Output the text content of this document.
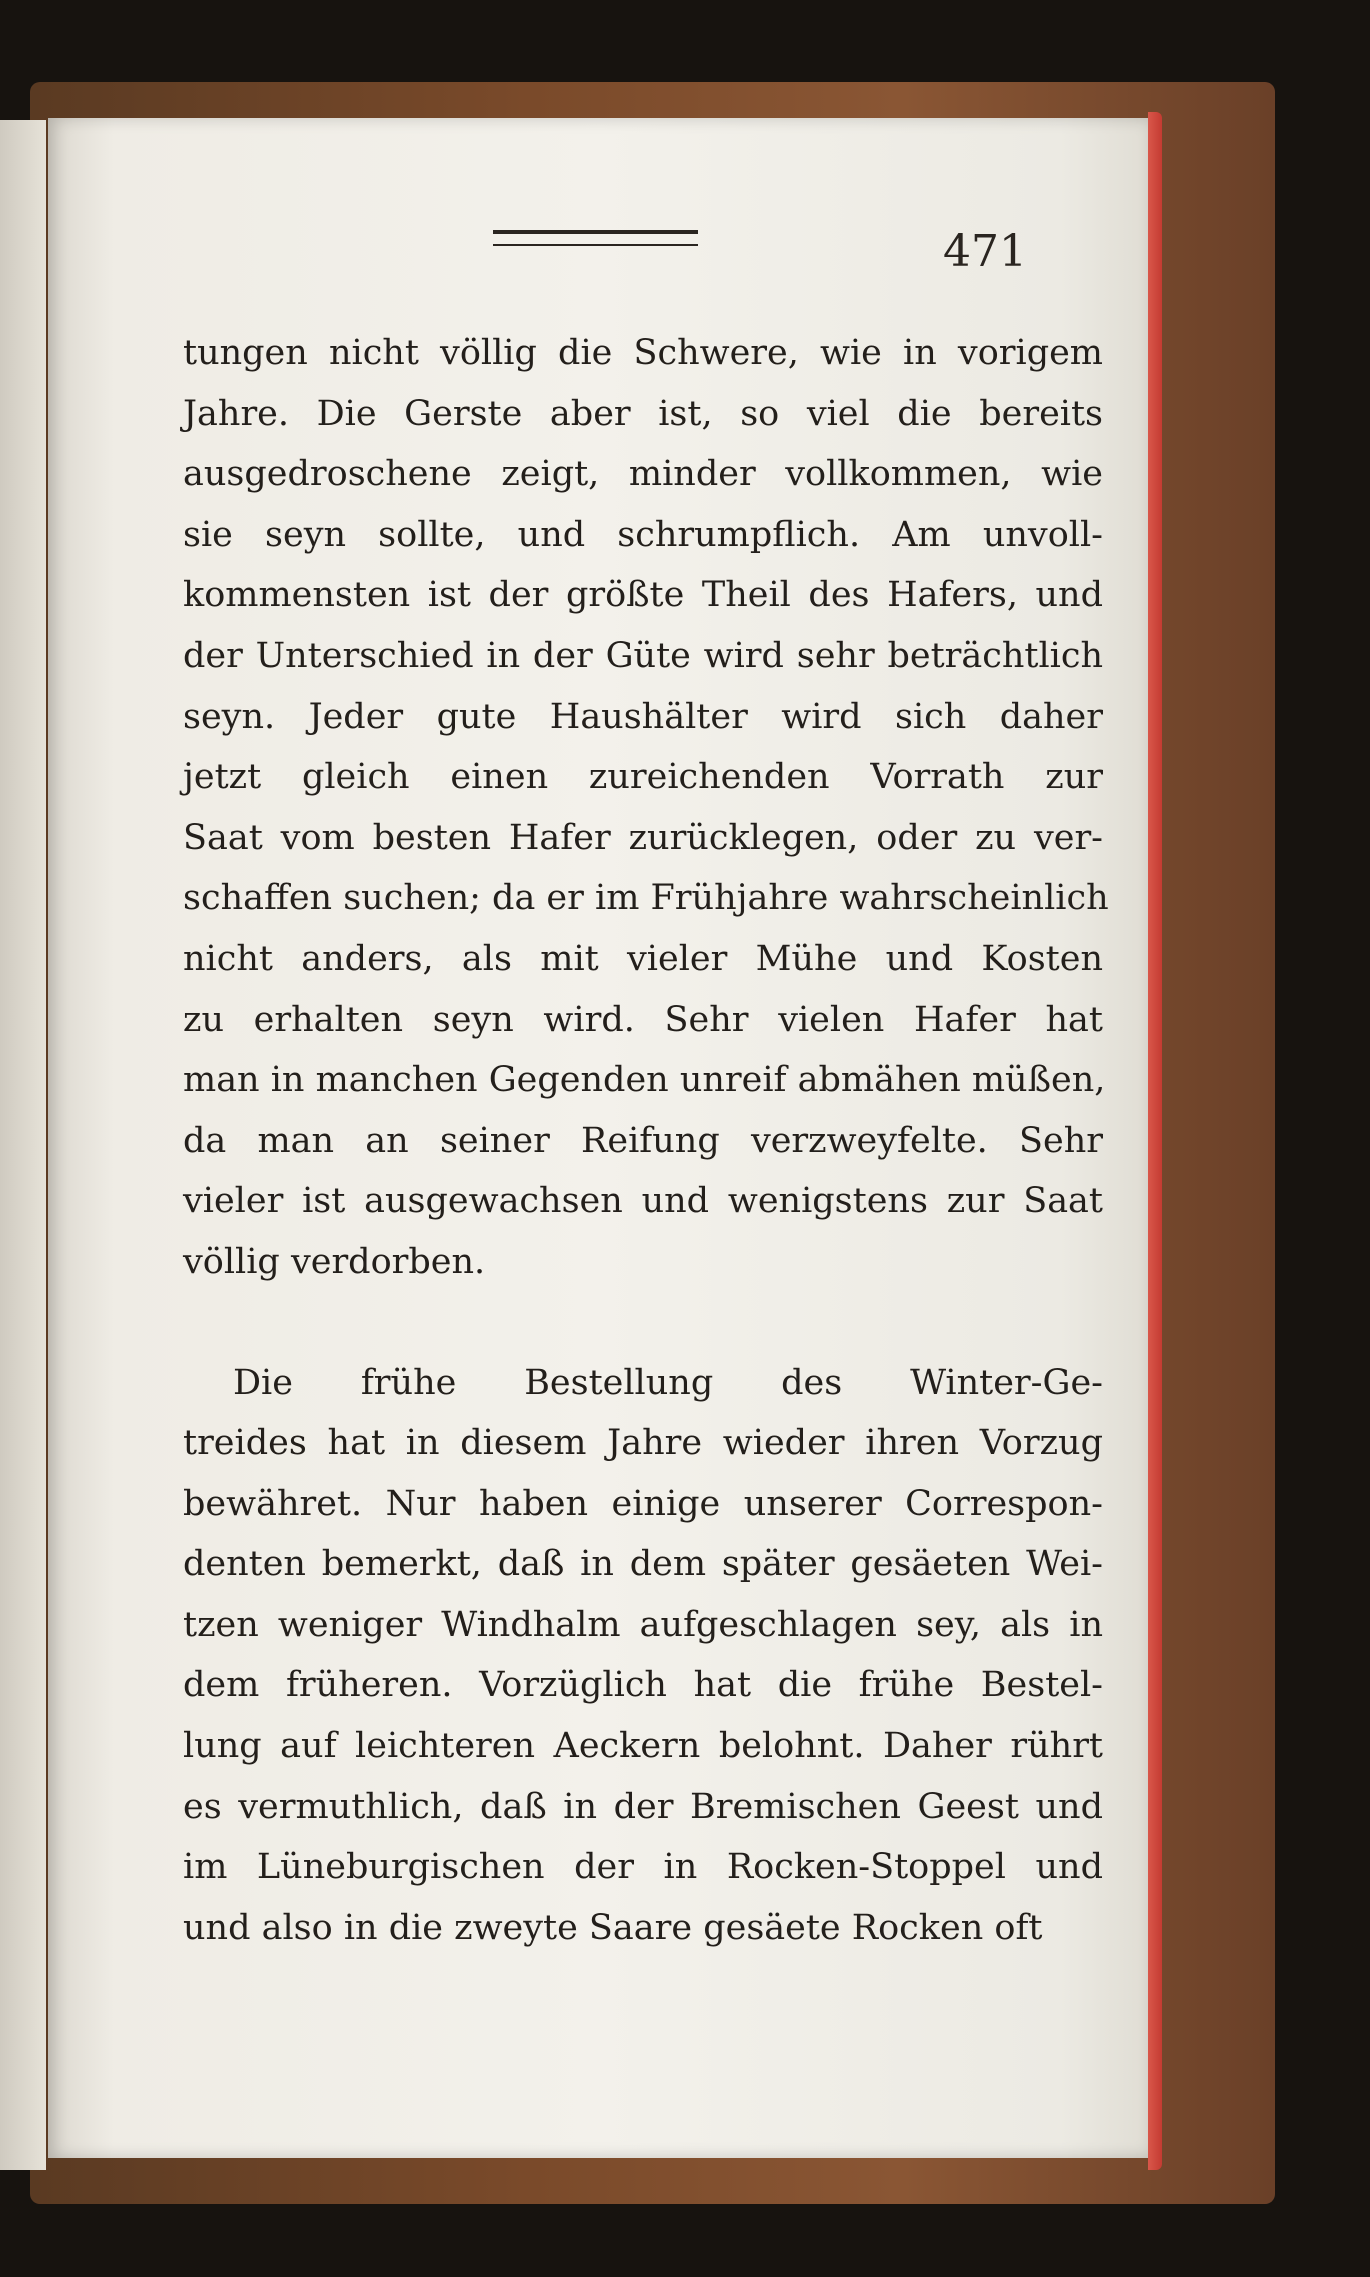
471
tungen nicht völlig die Schwere, wie in vorigem
Jahre. Die Gerste aber ist, so viel die bereits
ausgedroschene zeigt, minder vollkommen, wie
sie seyn sollte, und schrumpflich. Am unvoll-
kommensten ist der größte Theil des Hafers, und
der Unterschied in der Güte wird sehr beträchtlich
seyn. Jeder gute Haushälter wird sich daher
jetzt gleich einen zureichenden Vorrath zur
Saat vom besten Hafer zurücklegen, oder zu ver-
schaffen suchen; da er im Frühjahre wahrscheinlich
nicht anders, als mit vieler Mühe und Kosten
zu erhalten seyn wird. Sehr vielen Hafer hat
man in manchen Gegenden unreif abmähen müßen,
da man an seiner Reifung verzweyfelte. Sehr
vieler ist ausgewachsen und wenigstens zur Saat
völlig verdorben.
Die frühe Bestellung des Winter-Ge-
treides hat in diesem Jahre wieder ihren Vorzug
bewähret. Nur haben einige unserer Correspon-
denten bemerkt, daß in dem später gesäeten Wei-
tzen weniger Windhalm aufgeschlagen sey, als in
dem früheren. Vorzüglich hat die frühe Bestel-
lung auf leichteren Aeckern belohnt. Daher rührt
es vermuthlich, daß in der Bremischen Geest und
im Lüneburgischen der in Rocken-Stoppel und
und also in die zweyte Saare gesäete Rocken oft
